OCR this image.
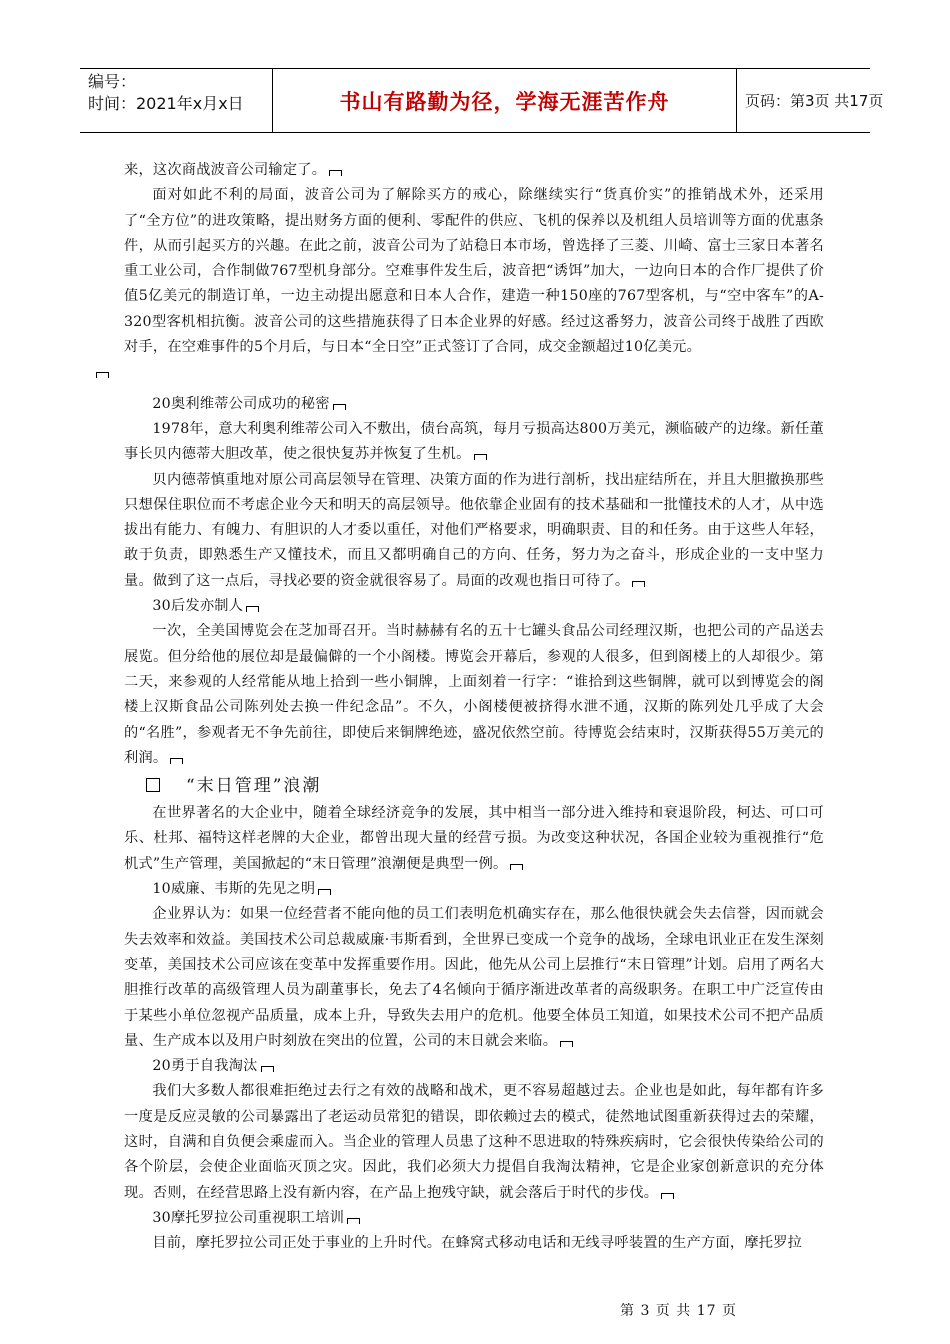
编号：
时间：2021年x月x日	书山有路勤为径，学海无涯苦作舟	页码：第3页 共17页

来，这次商战波音公司输定了。

面对如此不利的局面，波音公司为了解除买方的戒心，除继续实行“货真价实”的推销战术外，还采用了“全方位”的进攻策略，提出财务方面的便利、零配件的供应、飞机的保养以及机组人员培训等方面的优惠条件，从而引起买方的兴趣。在此之前，波音公司为了站稳日本市场，曾选择了三菱、川崎、富士三家日本著名重工业公司，合作制做767型机身部分。空难事件发生后，波音把“诱饵”加大，一边向日本的合作厂提供了价值5亿美元的制造订单，一边主动提出愿意和日本人合作，建造一种150座的767型客机，与“空中客车”的A-320型客机相抗衡。波音公司的这些措施获得了日本企业界的好感。经过这番努力，波音公司终于战胜了西欧对手，在空难事件的5个月后，与日本“全日空”正式签订了合同，成交金额超过10亿美元。

20奥利维蒂公司成功的秘密

1978年，意大利奥利维蒂公司入不敷出，债台高筑，每月亏损高达800万美元，濒临破产的边缘。新任董事长贝内德蒂大胆改革，使之很快复苏并恢复了生机。

贝内德蒂慎重地对原公司高层领导在管理、决策方面的作为进行剖析，找出症结所在，并且大胆撤换那些只想保住职位而不考虑企业今天和明天的高层领导。他依靠企业固有的技术基础和一批懂技术的人才，从中选拔出有能力、有魄力、有胆识的人才委以重任，对他们严格要求，明确职责、目的和任务。由于这些人年轻，敢于负责，即熟悉生产又懂技术，而且又都明确自己的方向、任务，努力为之奋斗，形成企业的一支中坚力量。做到了这一点后，寻找必要的资金就很容易了。局面的改观也指日可待了。

30后发亦制人

一次，全美国博览会在芝加哥召开。当时赫赫有名的五十七罐头食品公司经理汉斯，也把公司的产品送去展览。但分给他的展位却是最偏僻的一个小阁楼。博览会开幕后，参观的人很多，但到阁楼上的人却很少。第二天，来参观的人经常能从地上拾到一些小铜牌，上面刻着一行字：“谁拾到这些铜牌，就可以到博览会的阁楼上汉斯食品公司陈列处去换一件纪念品”。不久，小阁楼便被挤得水泄不通，汉斯的陈列处几乎成了大会的“名胜”，参观者无不争先前往，即使后来铜牌绝迹，盛况依然空前。待博览会结束时，汉斯获得55万美元的利润。

“末日管理”浪潮

在世界著名的大企业中，随着全球经济竞争的发展，其中相当一部分进入维持和衰退阶段，柯达、可口可乐、杜邦、福特这样老牌的大企业，都曾出现大量的经营亏损。为改变这种状况，各国企业较为重视推行“危机式”生产管理，美国掀起的“末日管理”浪潮便是典型一例。

10威廉、韦斯的先见之明

企业界认为：如果一位经营者不能向他的员工们表明危机确实存在，那么他很快就会失去信誉，因而就会失去效率和效益。美国技术公司总裁威廉·韦斯看到，全世界已变成一个竞争的战场，全球电讯业正在发生深刻变革，美国技术公司应该在变革中发挥重要作用。因此，他先从公司上层推行“末日管理”计划。启用了两名大胆推行改革的高级管理人员为副董事长，免去了4名倾向于循序渐进改革者的高级职务。在职工中广泛宣传由于某些小单位忽视产品质量，成本上升，导致失去用户的危机。他要全体员工知道，如果技术公司不把产品质量、生产成本以及用户时刻放在突出的位置，公司的末日就会来临。

20勇于自我淘汰

我们大多数人都很难拒绝过去行之有效的战略和战术，更不容易超越过去。企业也是如此，每年都有许多一度是反应灵敏的公司暴露出了老运动员常犯的错误，即依赖过去的模式，徒然地试图重新获得过去的荣耀，这时，自满和自负便会乘虚而入。当企业的管理人员患了这种不思进取的特殊疾病时，它会很快传染给公司的各个阶层，会使企业面临灭顶之灾。因此，我们必须大力提倡自我淘汰精神，它是企业家创新意识的充分体现。否则，在经营思路上没有新内容，在产品上抱残守缺，就会落后于时代的步伐。

30摩托罗拉公司重视职工培训

目前，摩托罗拉公司正处于事业的上升时代。在蜂窝式移动电话和无线寻呼装置的生产方面，摩托罗拉

第 3 页 共 17 页
